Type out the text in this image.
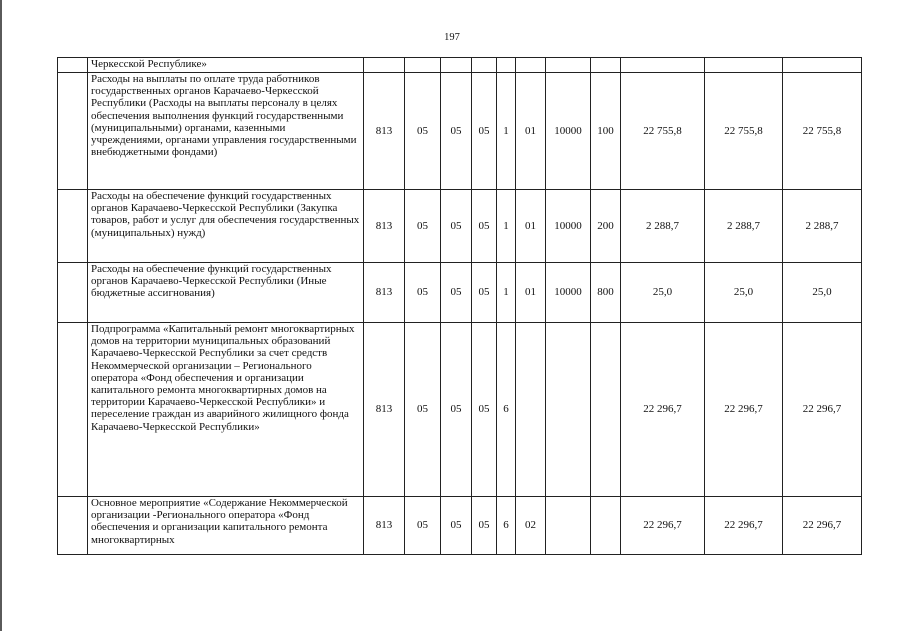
197
	Черкесской Республике»											
	Расходы на выплаты по оплате труда работников государственных органов Карачаево-Черкесской Республики (Расходы на выплаты персоналу в целях обеспечения выполнения функций государственными (муниципальными) органами, казенными учреждениями, органами управления государственными внебюджетными фондами)	813	05	05	05	1	01	10000	100	22 755,8	22 755,8	22 755,8
	Расходы на обеспечение функций государственных органов Карачаево-Черкесской Республики (Закупка товаров, работ и услуг для обеспечения государственных (муниципальных) нужд)	813	05	05	05	1	01	10000	200	2 288,7	2 288,7	2 288,7
	Расходы на обеспечение функций государственных органов Карачаево-Черкесской Республики (Иные бюджетные ассигнования)	813	05	05	05	1	01	10000	800	25,0	25,0	25,0
	Подпрограмма «Капитальный ремонт многоквартирных домов на территории муниципальных образований Карачаево-Черкесской Республики за счет средств Некоммерческой организации – Регионального оператора «Фонд обеспечения и организации капитального ремонта многоквартирных домов на территории Карачаево-Черкесской Республики» и переселение граждан из аварийного жилищного фонда Карачаево-Черкесской Республики»	813	05	05	05	6				22 296,7	22 296,7	22 296,7
	Основное мероприятие «Содержание Некоммерческой организации -Регионального оператора «Фонд обеспечения и организации капитального ремонта многоквартирных	813	05	05	05	6	02			22 296,7	22 296,7	22 296,7
